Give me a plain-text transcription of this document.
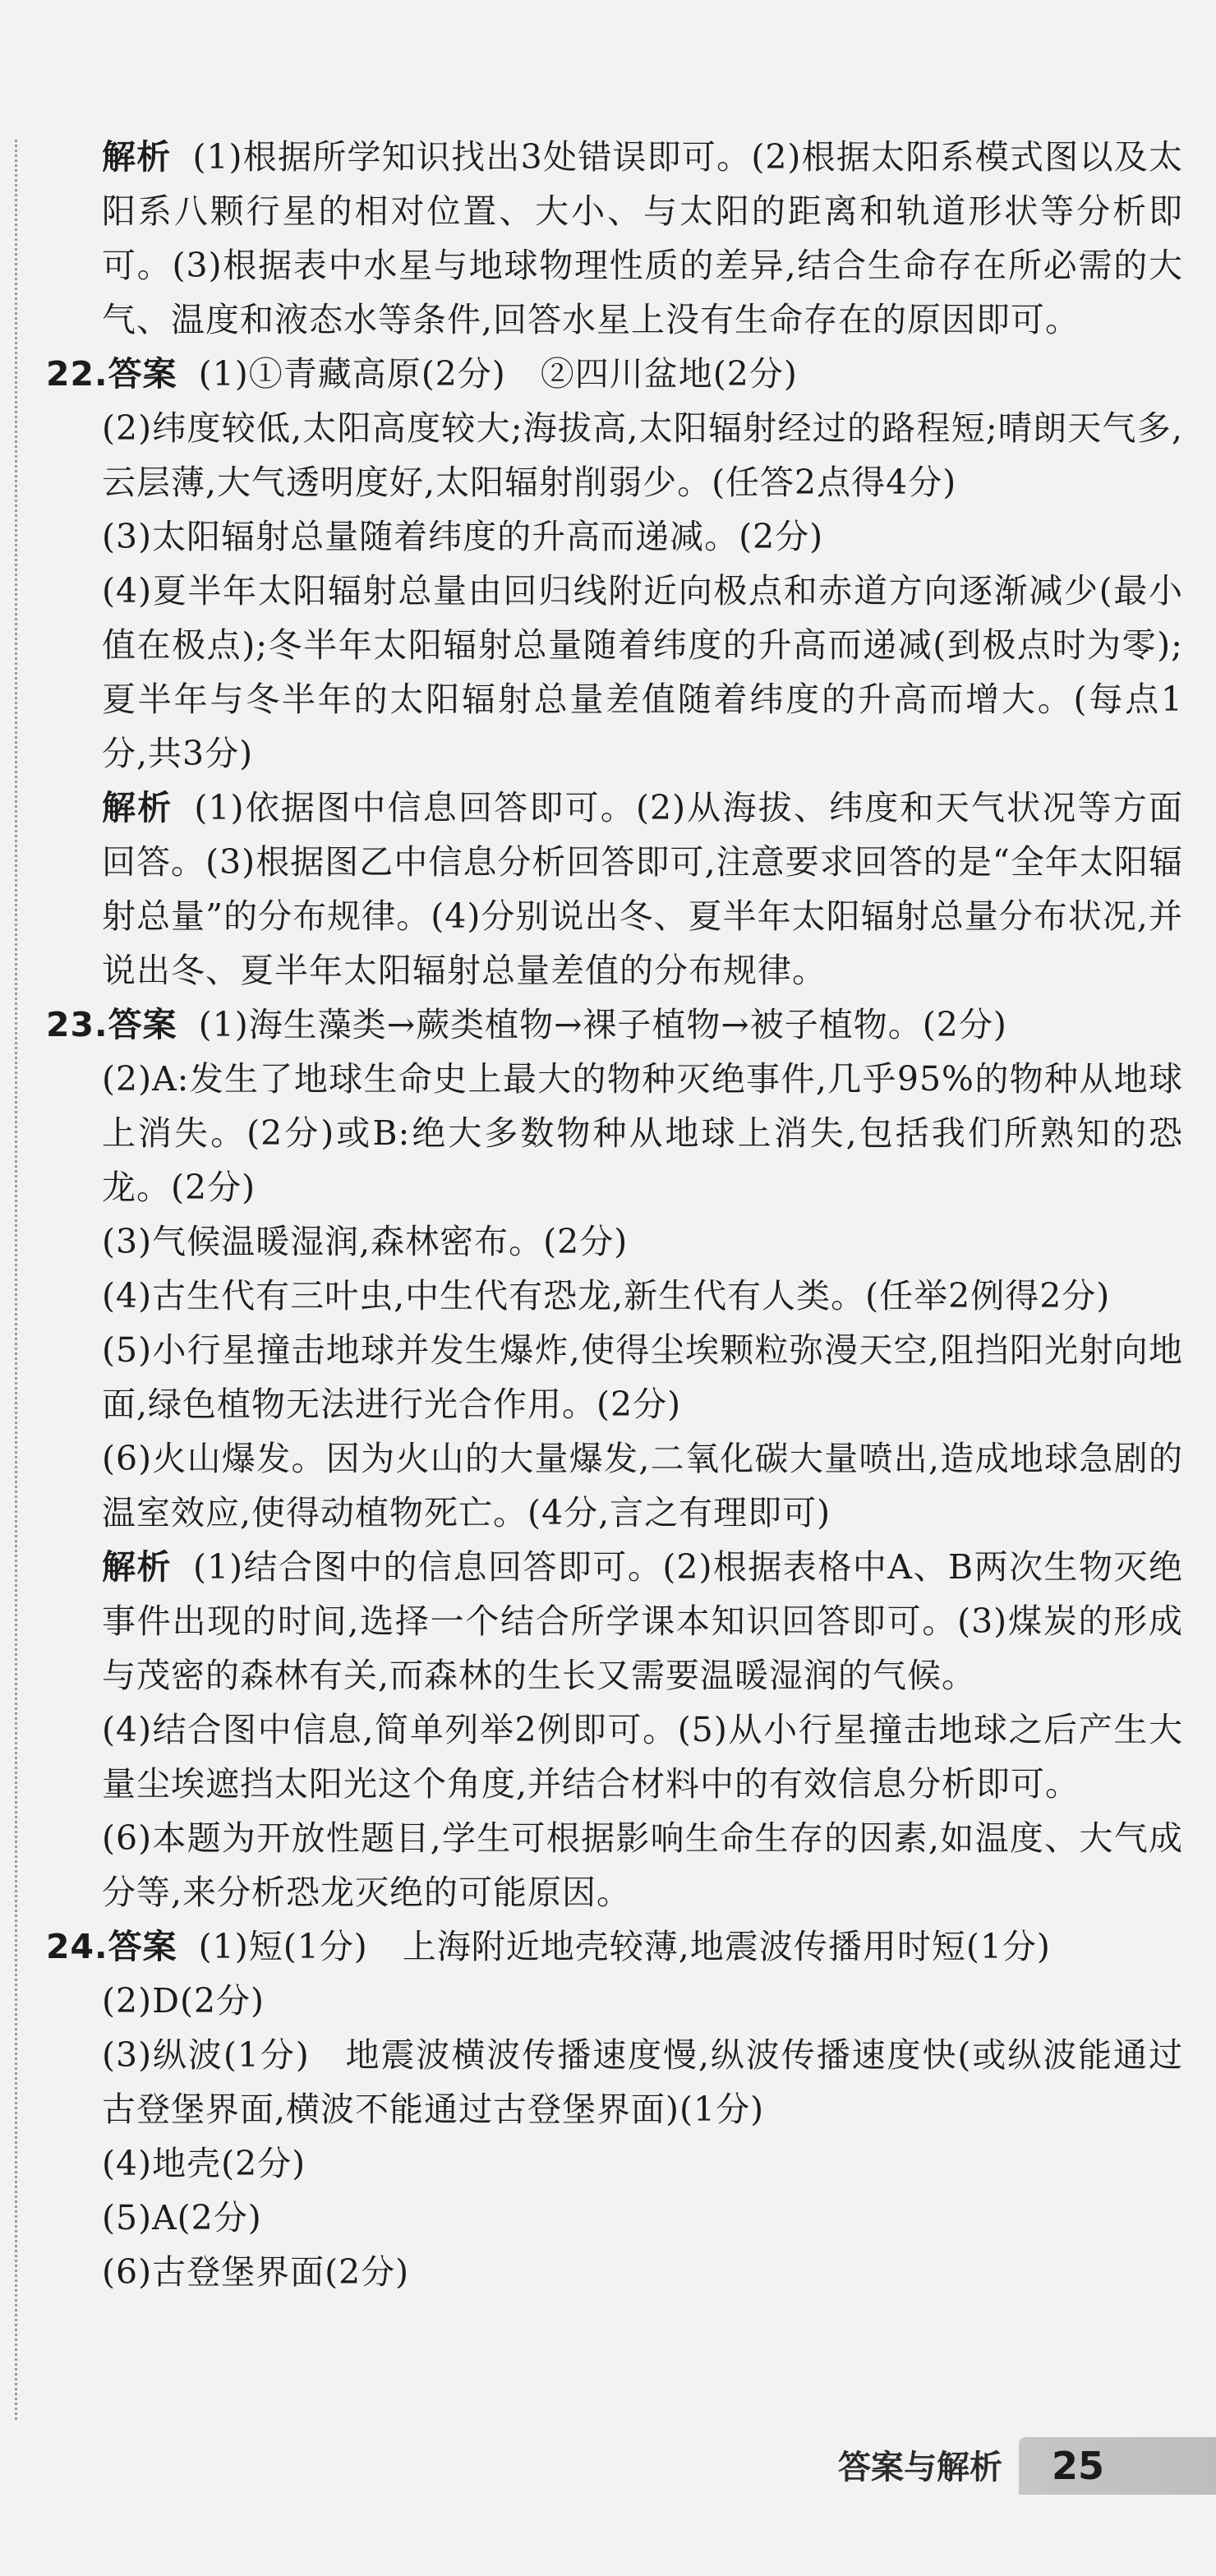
解析 (1)根据所学知识找出3处错误即可。(2)根据太阳系模式图以及太阳系八颗行星的相对位置、大小、与太阳的距离和轨道形状等分析即可。(3)根据表中水星与地球物理性质的差异,结合生命存在所必需的大气、温度和液态水等条件,回答水星上没有生命存在的原因即可。

22.答案 (1)①青藏高原(2分)　②四川盆地(2分)

(2)纬度较低,太阳高度较大;海拔高,太阳辐射经过的路程短;晴朗天气多,云层薄,大气透明度好,太阳辐射削弱少。(任答2点得4分)

(3)太阳辐射总量随着纬度的升高而递减。(2分)

(4)夏半年太阳辐射总量由回归线附近向极点和赤道方向逐渐减少(最小值在极点);冬半年太阳辐射总量随着纬度的升高而递减(到极点时为零);夏半年与冬半年的太阳辐射总量差值随着纬度的升高而增大。(每点1分,共3分)

解析 (1)依据图中信息回答即可。(2)从海拔、纬度和天气状况等方面回答。(3)根据图乙中信息分析回答即可,注意要求回答的是“全年太阳辐射总量”的分布规律。(4)分别说出冬、夏半年太阳辐射总量分布状况,并说出冬、夏半年太阳辐射总量差值的分布规律。

23.答案 (1)海生藻类→蕨类植物→裸子植物→被子植物。(2分)

(2)A:发生了地球生命史上最大的物种灭绝事件,几乎95%的物种从地球上消失。(2分)或B:绝大多数物种从地球上消失,包括我们所熟知的恐龙。(2分)

(3)气候温暖湿润,森林密布。(2分)

(4)古生代有三叶虫,中生代有恐龙,新生代有人类。(任举2例得2分)

(5)小行星撞击地球并发生爆炸,使得尘埃颗粒弥漫天空,阻挡阳光射向地面,绿色植物无法进行光合作用。(2分)

(6)火山爆发。因为火山的大量爆发,二氧化碳大量喷出,造成地球急剧的温室效应,使得动植物死亡。(4分,言之有理即可)

解析 (1)结合图中的信息回答即可。(2)根据表格中A、B两次生物灭绝事件出现的时间,选择一个结合所学课本知识回答即可。(3)煤炭的形成与茂密的森林有关,而森林的生长又需要温暖湿润的气候。

(4)结合图中信息,简单列举2例即可。(5)从小行星撞击地球之后产生大量尘埃遮挡太阳光这个角度,并结合材料中的有效信息分析即可。

(6)本题为开放性题目,学生可根据影响生命生存的因素,如温度、大气成分等,来分析恐龙灭绝的可能原因。

24.答案 (1)短(1分)　上海附近地壳较薄,地震波传播用时短(1分)

(2)D(2分)

(3)纵波(1分)　地震波横波传播速度慢,纵波传播速度快(或纵波能通过古登堡界面,横波不能通过古登堡界面)(1分)

(4)地壳(2分)

(5)A(2分)

(6)古登堡界面(2分)

答案与解析 25
